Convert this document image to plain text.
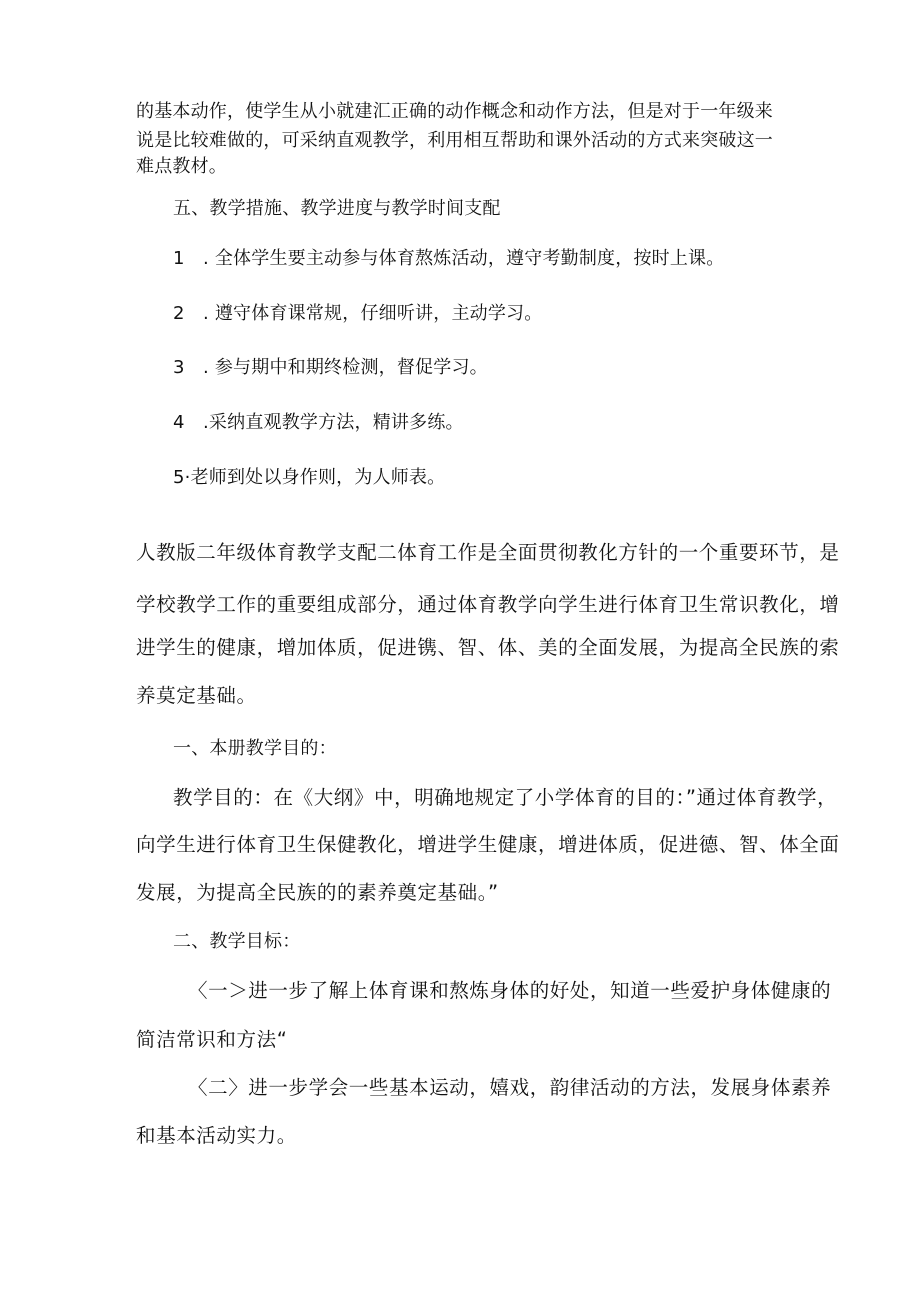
的基本动作，使学生从小就建汇正确的动作概念和动作方法，但是对于一年级来
说是比较难做的，可采纳直观教学，利用相互帮助和课外活动的方式来突破这一
难点教材。
五、教学措施、教学进度与教学时间支配
1 . 全体学生要主动参与体育熬炼活动，遵守考勤制度，按时上课。
2 . 遵守体育课常规，仔细听讲，主动学习。
3 . 参与期中和期终检测，督促学习。
4 .采纳直观教学方法，精讲多练。
5·老师到处以身作则，为人师表。
人教版二年级体育教学支配二体育工作是全面贯彻教化方针的一个重要环节，是
学校教学工作的重要组成部分，通过体育教学向学生进行体育卫生常识教化，增
进学生的健康，增加体质，促进镌、智、体、美的全面发展，为提高全民族的索
养莫定基础。
一、本册教学目的：
教学目的：在《大纲》中，明确地规定了小学体育的目的：”通过体育教学，
向学生进行体育卫生保健教化，增进学生健康，增进体质，促进德、智、体全面
发展，为提高全民族的的素养奠定基础。”
二、教学目标：
〈一＞进一步了解上体育课和熬炼身体的好处，知道一些爱护身体健康的
简洁常识和方法“
〈二〉进一步学会一些基本运动，嬉戏，韵律活动的方法，发展身体素养
和基本活动实力。
